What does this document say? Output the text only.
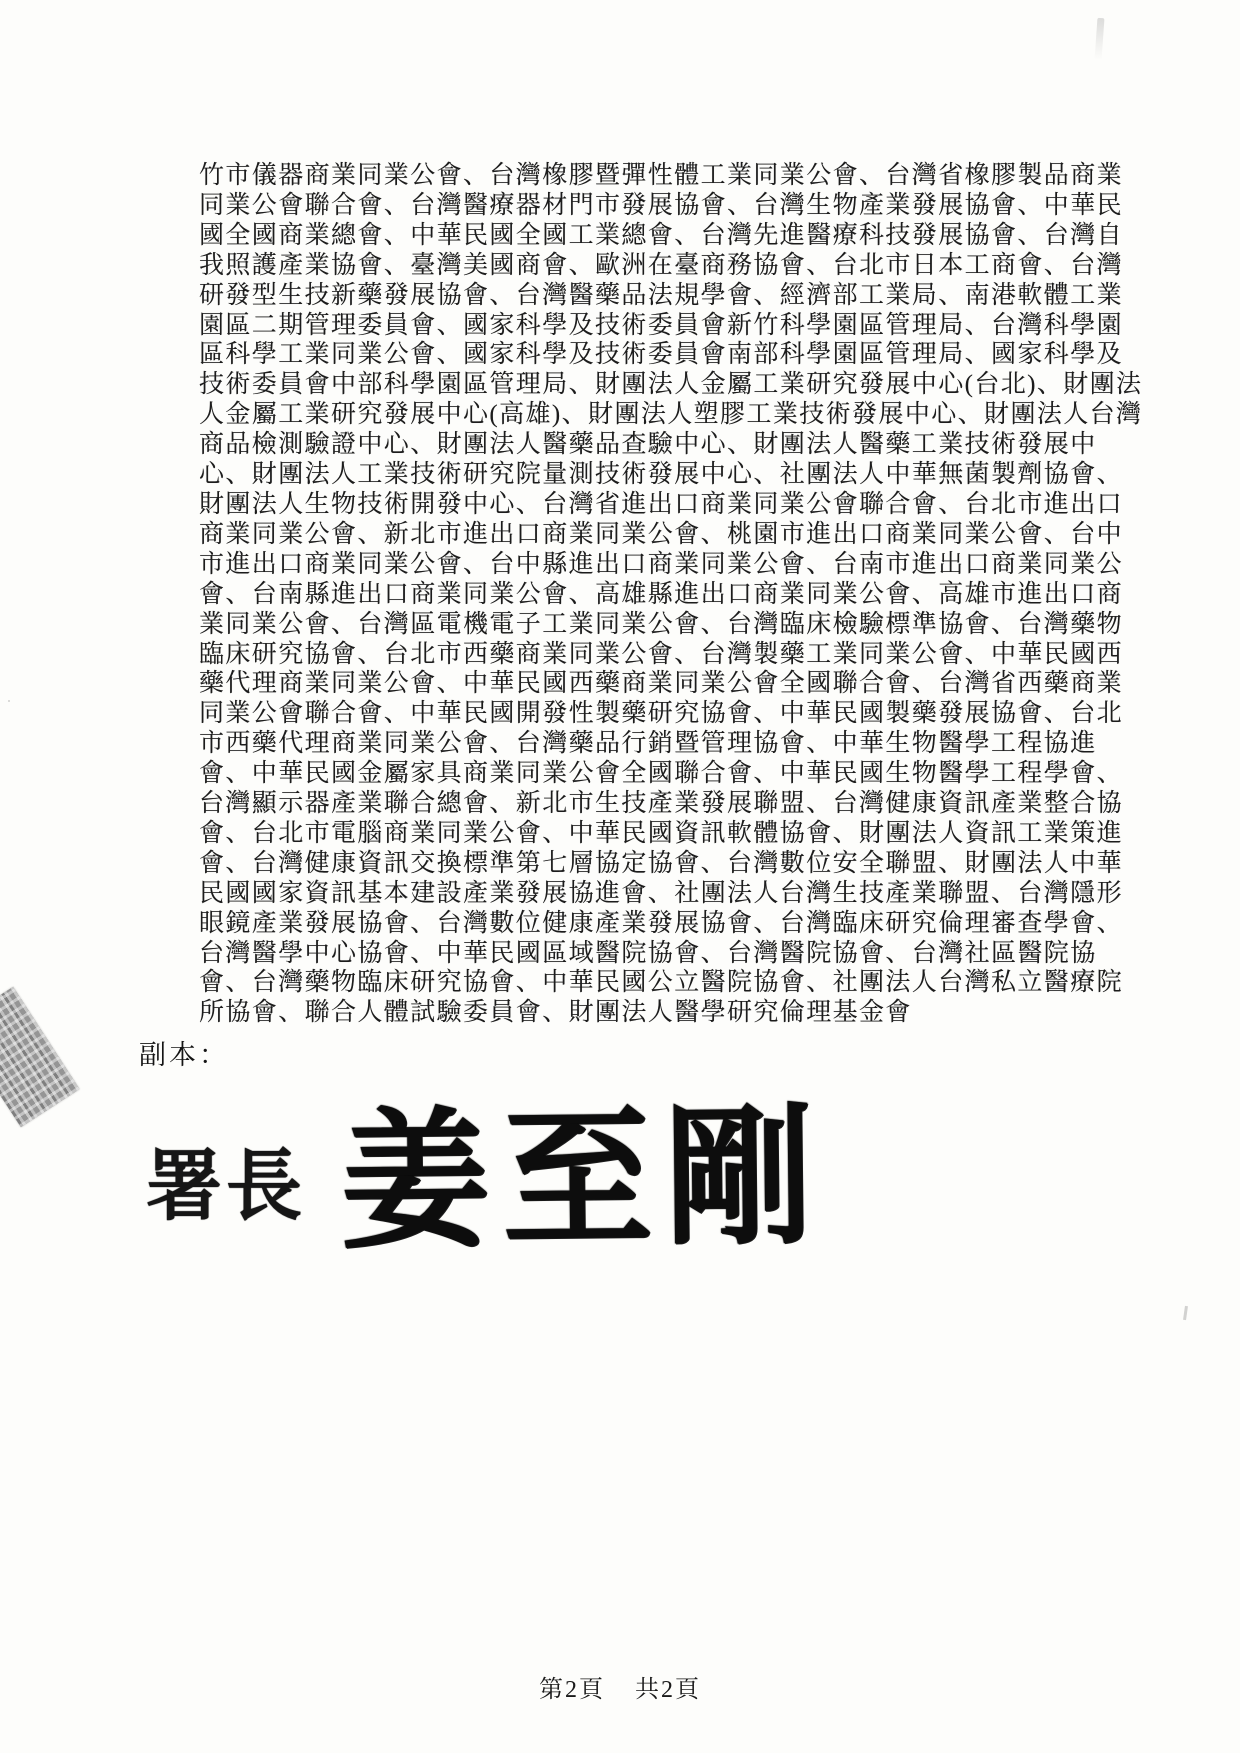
竹市儀器商業同業公會、台灣橡膠暨彈性體工業同業公會、台灣省橡膠製品商業
同業公會聯合會、台灣醫療器材門市發展協會、台灣生物產業發展協會、中華民
國全國商業總會、中華民國全國工業總會、台灣先進醫療科技發展協會、台灣自
我照護產業協會、臺灣美國商會、歐洲在臺商務協會、台北市日本工商會、台灣
研發型生技新藥發展協會、台灣醫藥品法規學會、經濟部工業局、南港軟體工業
園區二期管理委員會、國家科學及技術委員會新竹科學園區管理局、台灣科學園
區科學工業同業公會、國家科學及技術委員會南部科學園區管理局、國家科學及
技術委員會中部科學園區管理局、財團法人金屬工業研究發展中心(台北)、財團法
人金屬工業研究發展中心(高雄)、財團法人塑膠工業技術發展中心、財團法人台灣
商品檢測驗證中心、財團法人醫藥品查驗中心、財團法人醫藥工業技術發展中
心、財團法人工業技術研究院量測技術發展中心、社團法人中華無菌製劑協會、
財團法人生物技術開發中心、台灣省進出口商業同業公會聯合會、台北市進出口
商業同業公會、新北市進出口商業同業公會、桃園市進出口商業同業公會、台中
市進出口商業同業公會、台中縣進出口商業同業公會、台南市進出口商業同業公
會、台南縣進出口商業同業公會、高雄縣進出口商業同業公會、高雄市進出口商
業同業公會、台灣區電機電子工業同業公會、台灣臨床檢驗標準協會、台灣藥物
臨床研究協會、台北市西藥商業同業公會、台灣製藥工業同業公會、中華民國西
藥代理商業同業公會、中華民國西藥商業同業公會全國聯合會、台灣省西藥商業
同業公會聯合會、中華民國開發性製藥研究協會、中華民國製藥發展協會、台北
市西藥代理商業同業公會、台灣藥品行銷暨管理協會、中華生物醫學工程協進
會、中華民國金屬家具商業同業公會全國聯合會、中華民國生物醫學工程學會、
台灣顯示器產業聯合總會、新北市生技產業發展聯盟、台灣健康資訊產業整合協
會、台北市電腦商業同業公會、中華民國資訊軟體協會、財團法人資訊工業策進
會、台灣健康資訊交換標準第七層協定協會、台灣數位安全聯盟、財團法人中華
民國國家資訊基本建設產業發展協進會、社團法人台灣生技產業聯盟、台灣隱形
眼鏡產業發展協會、台灣數位健康產業發展協會、台灣臨床研究倫理審查學會、
台灣醫學中心協會、中華民國區域醫院協會、台灣醫院協會、台灣社區醫院協
會、台灣藥物臨床研究協會、中華民國公立醫院協會、社團法人台灣私立醫療院
所協會、聯合人體試驗委員會、財團法人醫學研究倫理基金會
副本：
署長 姜至剛
第2頁 共2頁
